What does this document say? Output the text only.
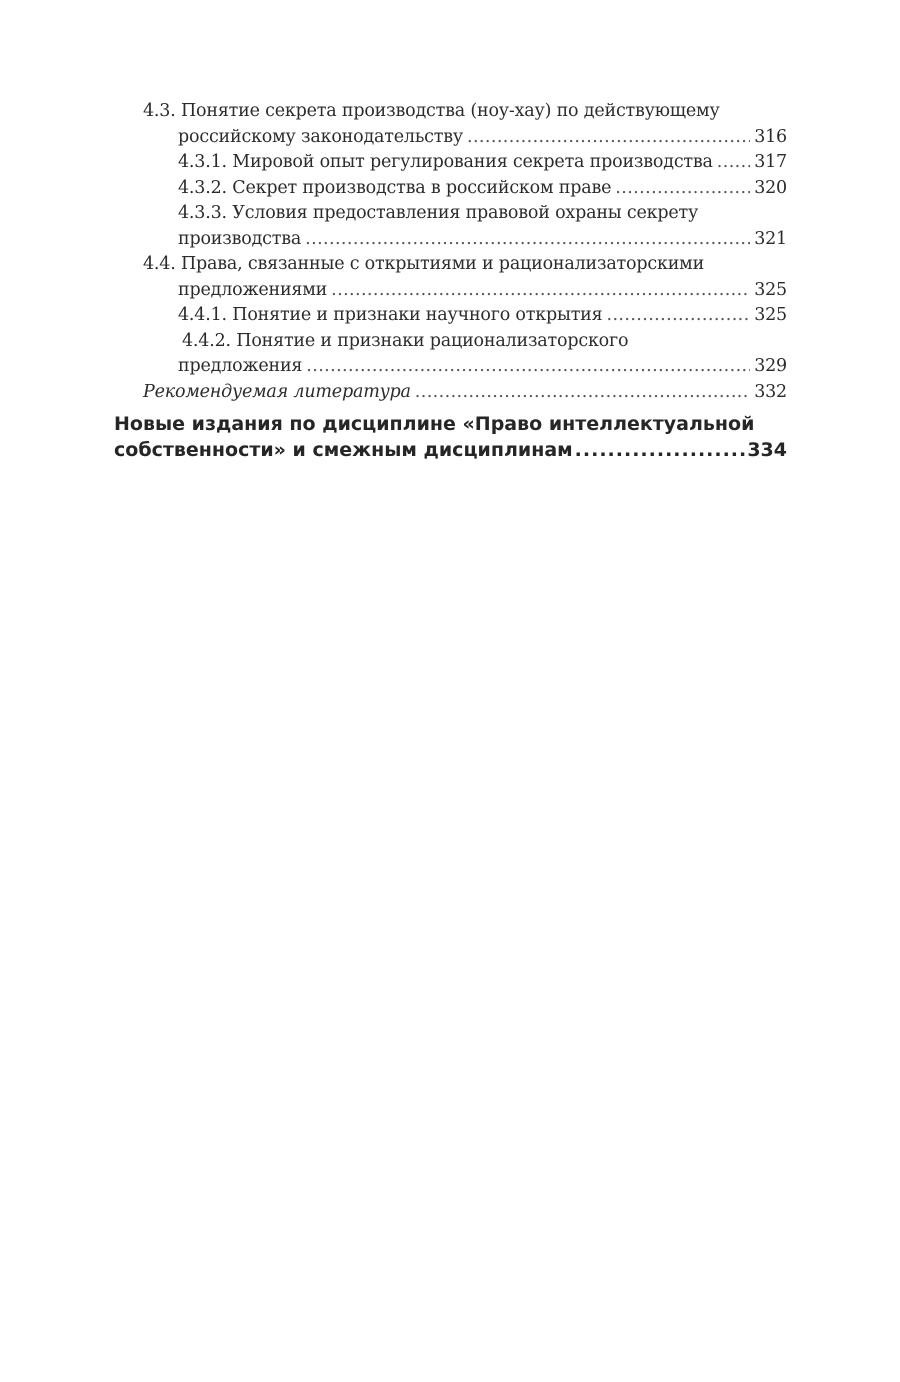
4.3. Понятие секрета производства (ноу-хау) по действующему
российскому законодательству .....	316
4.3.1. Мировой опыт регулирования секрета производства ..... 317
4.3.2. Секрет производства в российском праве .....	320
4.3.3. Условия предоставления правовой охраны секрету
производства .....	321
4.4. Права, связанные с открытиями и рационализаторскими
предложениями .....	325
4.4.1. Понятие и признаки научного открытия .....	325
4.4.2. Понятие и признаки рационализаторского
предложения .....	329
Рекомендуемая литература .....	332
Новые издания по дисциплине «Право интеллектуальной
собственности» и смежным дисциплинам .....	334
